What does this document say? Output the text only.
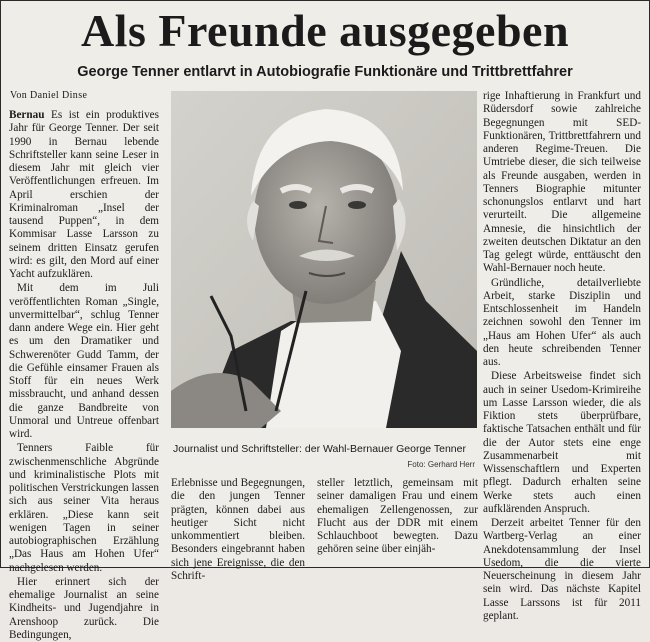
Als Freunde ausgegeben
George Tenner entlarvt in Autobiografie Funktionäre und Trittbrettfahrer
Von Daniel Dinse

Bernau Es ist ein produktives Jahr für George Tenner. Der seit 1990 in Bernau lebende Schriftsteller kann seine Leser in diesem Jahr mit gleich vier Veröffentlichungen erfreuen. Im April erschien der Kriminalroman „Insel der tausend Puppen“, in dem Kommisar Lasse Larsson zu seinem dritten Einsatz gerufen wird: es gilt, den Mord auf einer Yacht aufzuklären.

Mit dem im Juli veröffentlichten Roman „Single, unvermittelbar“, schlug Tenner dann andere Wege ein. Hier geht es um den Dramatiker und Schwerenöter Gudd Tamm, der die Gefühle einsamer Frauen als Stoff für ein neues Werk missbraucht, und anhand dessen die ganze Bandbreite von Unmoral und Untreue offenbart wird.

Tenners Faible für zwischenmenschliche Abgründe und kriminalistische Plots mit politischen Verstrickungen lassen sich aus seiner Vita heraus erklären. „Diese kann seit wenigen Tagen in seiner autobiographischen Erzählung „Das Haus am Hohen Ufer“ nachgelesen werden.

Hier erinnert sich der ehemalige Journalist an seine Kindheits- und Jugendjahre in Arenshoop zurück. Die Bedingungen,

Journalist und Schriftsteller: der Wahl-Bernauer George Tenner
Foto: Gerhard Herr

Erlebnisse und Begegnungen, die den jungen Tenner prägten, können dabei aus heutiger Sicht nicht unkommentiert bleiben. Besonders eingebrannt haben sich jene Ereignisse, die den Schrift-

steller letztlich, gemeinsam mit seiner damaligen Frau und einem ehemaligen Zellengenossen, zur Flucht aus der DDR mit einem Schlauchboot bewegten. Dazu gehören seine über einjäh-

rige Inhaftierung in Frankfurt und Rüdersdorf sowie zahlreiche Begegnungen mit SED-Funktionären, Trittbrettfahrern und anderen Regime-Treuen. Die Umtriebe dieser, die sich teilweise als Freunde ausgaben, werden in Tenners Biographie mitunter schonungslos entlarvt und hart verurteilt. Die allgemeine Amnesie, die hinsichtlich der zweiten deutschen Diktatur an den Tag gelegt würde, enttäuscht den Wahl-Bernauer noch heute.

Gründliche, detailverliebte Arbeit, starke Disziplin und Entschlossenheit im Handeln zeichnen sowohl den Tenner im „Haus am Hohen Ufer“ als auch den heute schreibenden Tenner aus.

Diese Arbeitsweise findet sich auch in seiner Usedom-Krimireihe um Lasse Larsson wieder, die als Fiktion stets überprüfbare, faktische Tatsachen enthält und für die der Autor stets eine enge Zusammenarbeit mit Wissenschaftlern und Experten pflegt. Dadurch erhalten seine Werke stets auch einen aufklärenden Anspruch.

Derzeit arbeitet Tenner für den Wartberg-Verlag an einer Anekdotensammlung der Insel Usedom, die die vierte Neuerscheinung in diesem Jahr sein wird. Das nächste Kapitel Lasse Larssons ist für 2011 geplant.
